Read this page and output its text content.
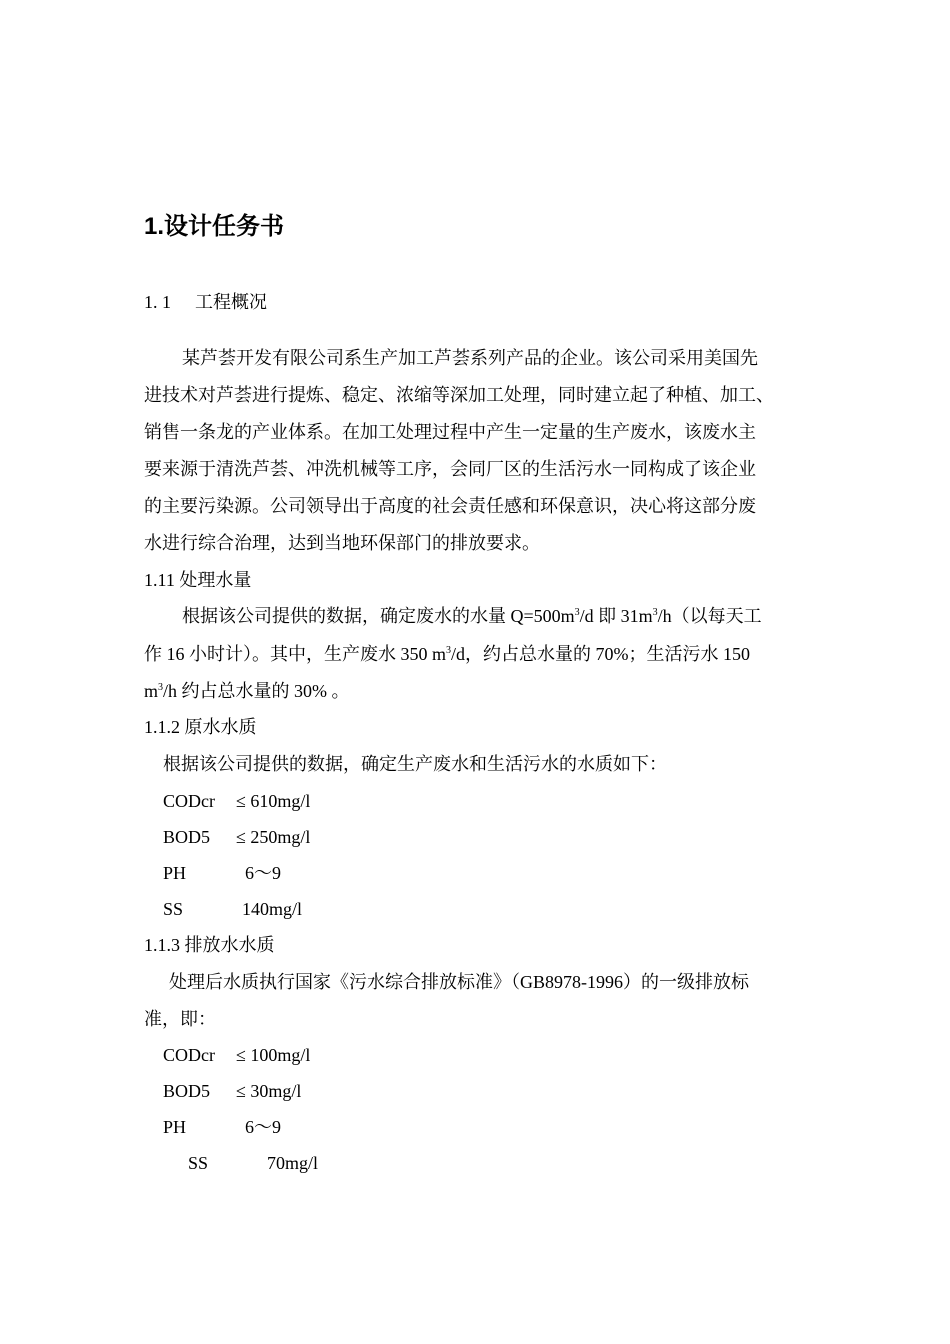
1.设计任务书
1. 1 工程概况
某芦荟开发有限公司系生产加工芦荟系列产品的企业。该公司采用美国先
进技术对芦荟进行提炼、稳定、浓缩等深加工处理，同时建立起了种植、加工、
销售一条龙的产业体系。在加工处理过程中产生一定量的生产废水，该废水主
要来源于清洗芦荟、冲洗机械等工序，会同厂区的生活污水一同构成了该企业
的主要污染源。公司领导出于高度的社会责任感和环保意识，决心将这部分废
水进行综合治理，达到当地环保部门的排放要求。
1.11 处理水量
根据该公司提供的数据，确定废水的水量 $Q=500m^3/d$ 即 $31m^3/h$（以每天工
作 16 小时计）。其中，生产废水 350 $m^3/d$，约占总水量的 70%；生活污水 150
$m^3/h$ 约占总水量的 30% 。
1.1.2 原水水质
根据该公司提供的数据，确定生产废水和生活污水的水质如下：
CODcr ≤ 610mg/l
BOD5 ≤ 250mg/l
PH	6～9
SS	140mg/l
1.1.3 排放水水质
处理后水质执行国家《污水综合排放标准》（GB8978-1996）的一级排放标
准，即：
CODcr ≤ 100mg/l
BOD5 ≤ 30mg/l
PH	6～9
SS	70mg/l
